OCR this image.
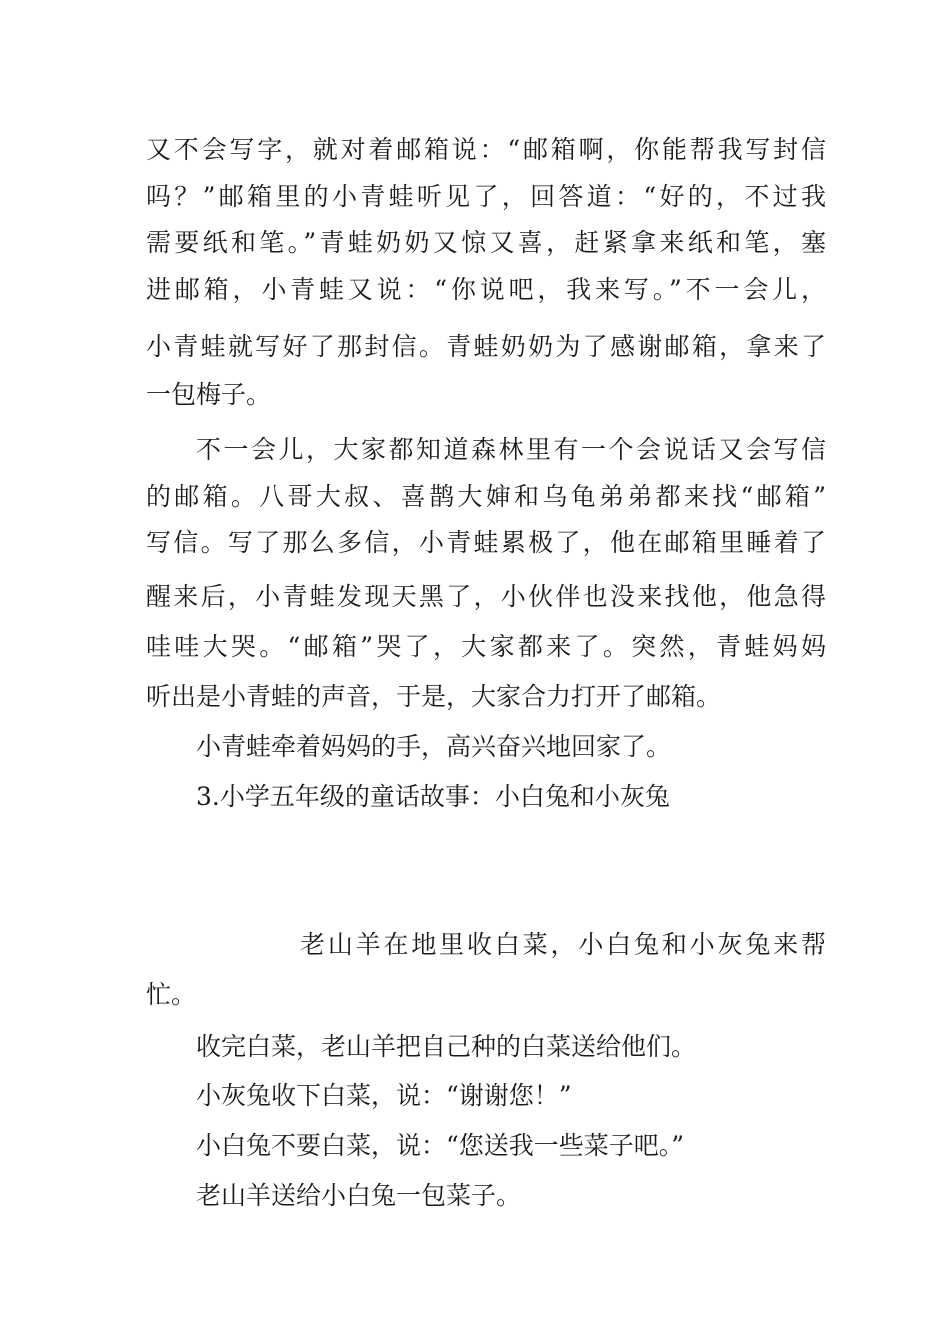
又不会写字，就对着邮箱说：“邮箱啊，你能帮我写封信
吗？”邮箱里的小青蛙听见了，回答道：“好的，不过我
需要纸和笔。”青蛙奶奶又惊又喜，赶紧拿来纸和笔，塞
进邮箱，小青蛙又说：“你说吧，我来写。”不一会儿，
小青蛙就写好了那封信。青蛙奶奶为了感谢邮箱，拿来了
一包梅子。
不一会儿，大家都知道森林里有一个会说话又会写信
的邮箱。八哥大叔、喜鹊大婶和乌龟弟弟都来找“邮箱”
写信。写了那么多信，小青蛙累极了，他在邮箱里睡着了
醒来后，小青蛙发现天黑了，小伙伴也没来找他，他急得
哇哇大哭。“邮箱”哭了，大家都来了。突然，青蛙妈妈
听出是小青蛙的声音，于是，大家合力打开了邮箱。
小青蛙牵着妈妈的手，高兴奋兴地回家了。
3.小学五年级的童话故事：小白兔和小灰兔
老山羊在地里收白菜，小白兔和小灰兔来帮
忙。
收完白菜，老山羊把自己种的白菜送给他们。
小灰兔收下白菜，说：“谢谢您！”
小白兔不要白菜，说：“您送我一些菜子吧。”
老山羊送给小白兔一包菜子。
